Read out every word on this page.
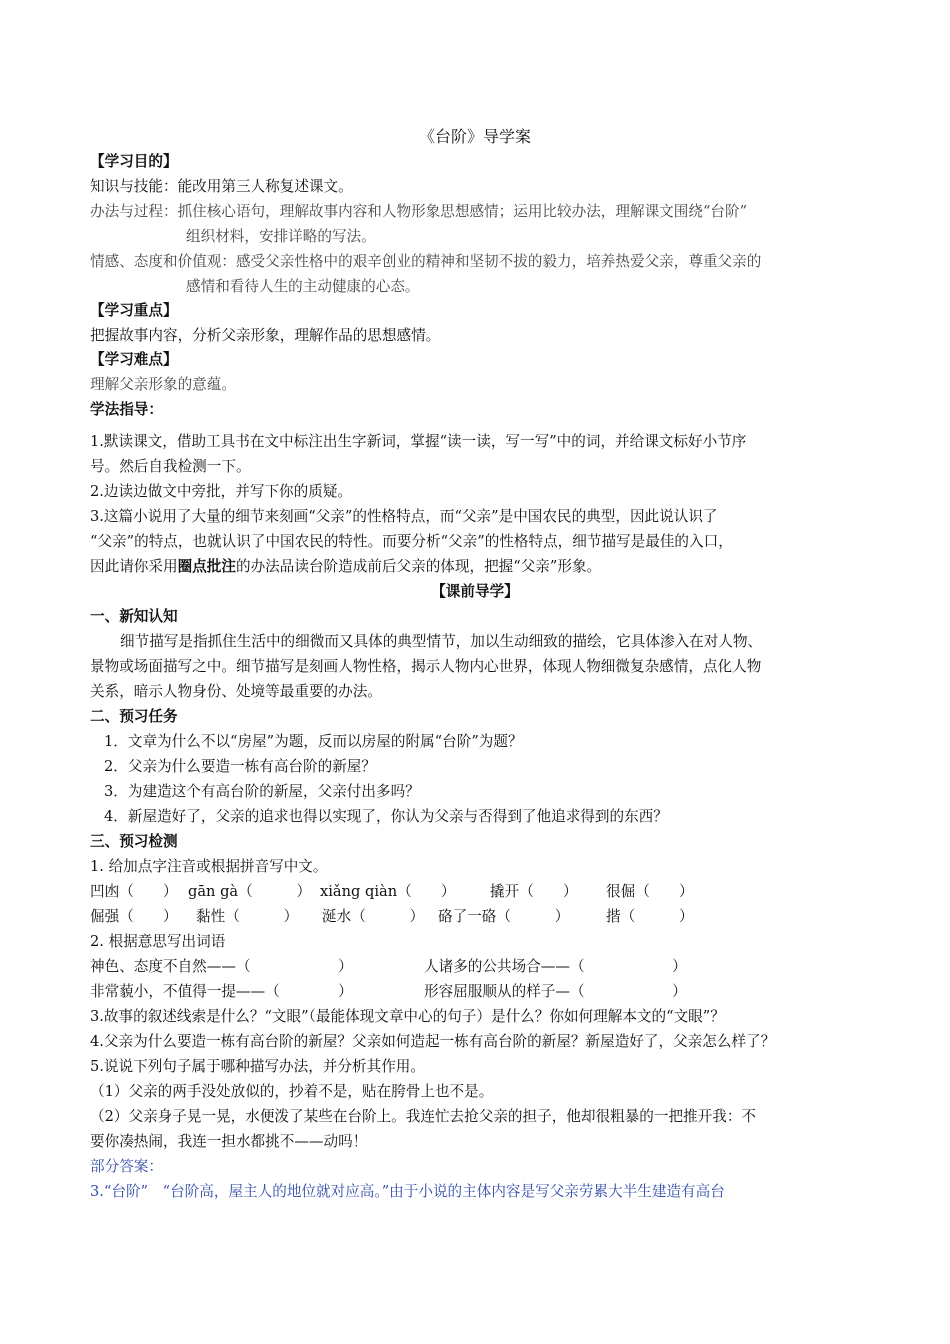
《台阶》导学案
【学习目的】
知识与技能：能改用第三人称复述课文。
办法与过程：抓住核心语句，理解故事内容和人物形象思想感情；运用比较办法，理解课文围绕“台阶”
组织材料，安排详略的写法。
情感、态度和价值观：感受父亲性格中的艰辛创业的精神和坚韧不拔的毅力，培养热爱父亲，尊重父亲的
感情和看待人生的主动健康的心态。
【学习重点】
把握故事内容，分析父亲形象，理解作品的思想感情。
【学习难点】
理解父亲形象的意蕴。
学法指导：
1.默读课文，借助工具书在文中标注出生字新词，掌握“读一读，写一写”中的词，并给课文标好小节序
号。然后自我检测一下。
2.边读边做文中旁批，并写下你的质疑。
3.这篇小说用了大量的细节来刻画“父亲”的性格特点，而“父亲”是中国农民的典型，因此说认识了
“父亲”的特点，也就认识了中国农民的特性。而要分析“父亲”的性格特点，细节描写是最佳的入口，
因此请你采用圈点批注的办法品读台阶造成前后父亲的体现，把握“父亲”形象。
【课前导学】
一、新知认知
细节描写是指抓住生活中的细微而又具体的典型情节，加以生动细致的描绘，它具体渗入在对人物、
景物或场面描写之中。细节描写是刻画人物性格，揭示人物内心世界，体现人物细微复杂感情，点化人物
关系，暗示人物身份、处境等最重要的办法。
二、预习任务
1．文章为什么不以“房屋”为题，反而以房屋的附属“台阶”为题？
2．父亲为什么要造一栋有高台阶的新屋？
3．为建造这个有高台阶的新屋，父亲付出多吗？
4．新屋造好了，父亲的追求也得以实现了，你认为父亲与否得到了他追求得到的东西？
三、预习检测
1. 给加点字注音或根据拼音写中文。
凹凼（　　） gān gà（　　　） xiǎng qiàn（　　） 撬开（　　） 很倔（　　）
倔强（　　） 黏性（　　　） 涎水（　　　） 硌了一硌（　　　）	揩（　　　）
2. 根据意思写出词语
神色、态度不自然——（　　　　　　）	人诸多的公共场合——（　　　　　　）
非常藐小，不值得一提——（　　　　）	形容屈服顺从的样子—（　　　　　　）
3.故事的叙述线索是什么？“文眼”（最能体现文章中心的句子）是什么？你如何理解本文的“文眼”？
4.父亲为什么要造一栋有高台阶的新屋？父亲如何造起一栋有高台阶的新屋？新屋造好了，父亲怎么样了？
5.说说下列句子属于哪种描写办法，并分析其作用。
（1）父亲的两手没处放似的，抄着不是，贴在胯骨上也不是。
（2）父亲身子晃一晃，水便泼了某些在台阶上。我连忙去抢父亲的担子，他却很粗暴的一把推开我：不
要你凑热闹，我连一担水都挑不——动吗！
部分答案：
3.“台阶”　“台阶高，屋主人的地位就对应高。”由于小说的主体内容是写父亲劳累大半生建造有高台
